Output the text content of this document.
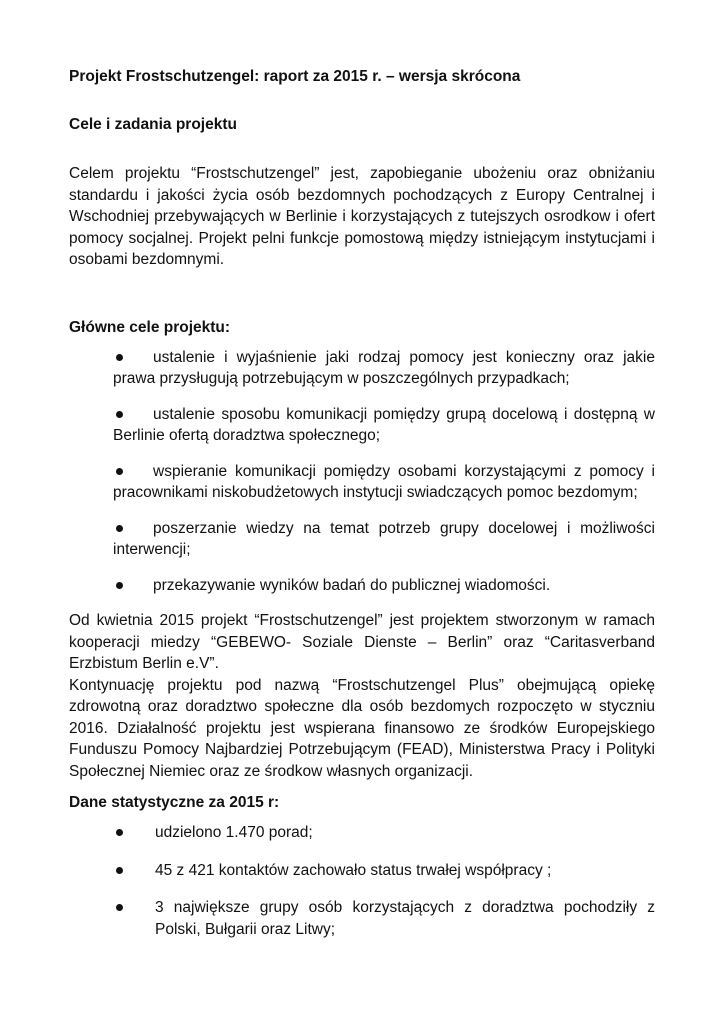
Projekt Frostschutzengel: raport za 2015 r. – wersja skrócona

Cele i zadania projektu

Celem projektu “Frostschutzengel” jest, zapobieganie ubożeniu oraz obniżaniu standardu i jakości życia osób bezdomnych pochodzących z Europy Centralnej i Wschodniej przebywających w Berlinie i korzystających z tutejszych osrodkow i ofert pomocy socjalnej. Projekt pelni funkcje pomostową między istniejącym instytucjami i osobami bezdomnymi.

Główne cele projektu:

ustalenie i wyjaśnienie jaki rodzaj pomocy jest konieczny oraz jakie prawa przysługują potrzebującym w poszczególnych przypadkach;
ustalenie sposobu komunikacji pomiędzy grupą docelową i dostępną w Berlinie ofertą doradztwa społecznego;
wspieranie komunikacji pomiędzy osobami korzystającymi z pomocy i pracownikami niskobudżetowych instytucji swiadczących pomoc bezdomym;
poszerzanie wiedzy na temat potrzeb grupy docelowej i możliwości interwencji;
przekazywanie wyników badań do publicznej wiadomości.

Od kwietnia 2015 projekt “Frostschutzengel” jest projektem stworzonym w ramach kooperacji miedzy “GEBEWO- Soziale Dienste – Berlin” oraz “Caritasverband Erzbistum Berlin e.V”.

Kontynuację projektu pod nazwą “Frostschutzengel Plus” obejmującą opiekę zdrowotną oraz doradztwo społeczne dla osób bezdomych rozpoczęto w styczniu 2016. Działalność projektu jest wspierana finansowo ze środków Europejskiego Funduszu Pomocy Najbardziej Potrzebującym (FEAD), Ministerstwa Pracy i Polityki Społecznej Niemiec oraz ze środkow własnych organizacji.

Dane statystyczne za 2015 r:

udzielono 1.470 porad;
45 z 421 kontaktów zachowało status trwałej współpracy ;
3 największe grupy osób korzystających z doradztwa pochodziły z Polski, Bułgarii oraz Litwy;
